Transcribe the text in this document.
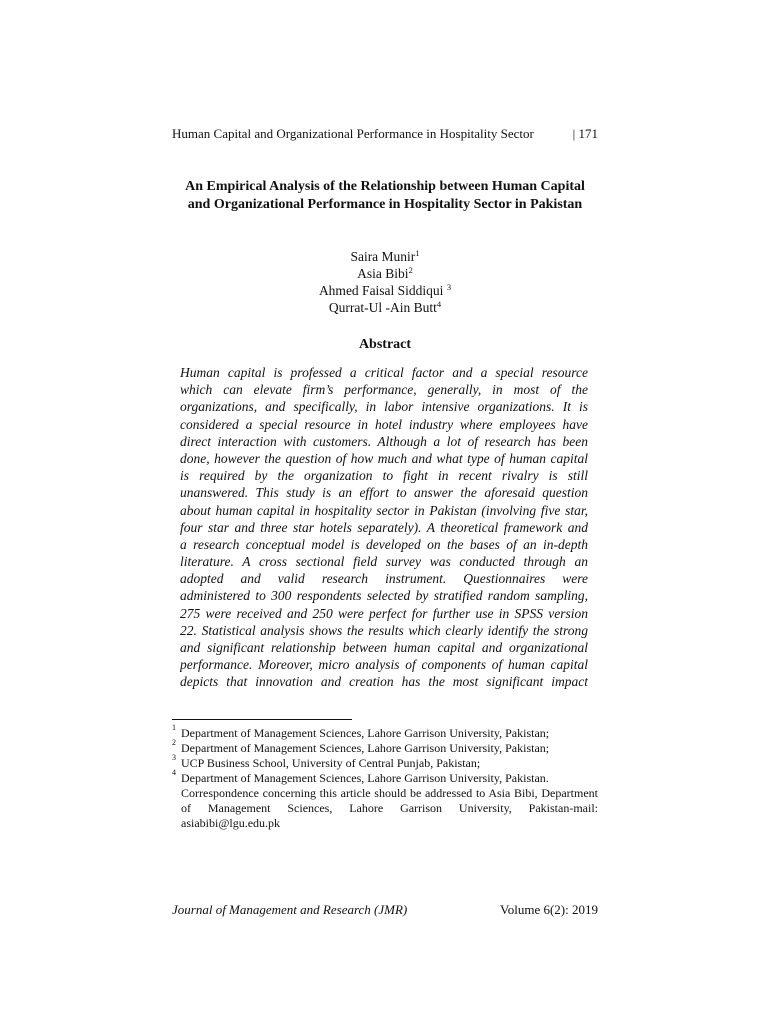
Human Capital and Organizational Performance in Hospitality Sector	| 171
An Empirical Analysis of the Relationship between Human Capital
and Organizational Performance in Hospitality Sector in Pakistan
Saira Munir$^1$
Asia Bibi$^2$
Ahmed Faisal Siddiqui $^3$
Qurrat-Ul -Ain Butt$^4$
Abstract
Human capital is professed a critical factor and a special resource
which can elevate firm’s performance, generally, in most of the
organizations, and specifically, in labor intensive organizations. It is
considered a special resource in hotel industry where employees have
direct interaction with customers. Although a lot of research has been
done, however the question of how much and what type of human capital
is required by the organization to fight in recent rivalry is still
unanswered. This study is an effort to answer the aforesaid question
about human capital in hospitality sector in Pakistan (involving five star,
four star and three star hotels separately). A theoretical framework and
a research conceptual model is developed on the bases of an in-depth
literature. A cross sectional field survey was conducted through an
adopted and valid research instrument. Questionnaires were
administered to 300 respondents selected by stratified random sampling,
275 were received and 250 were perfect for further use in SPSS version
22. Statistical analysis shows the results which clearly identify the strong
and significant relationship between human capital and organizational
performance. Moreover, micro analysis of components of human capital
depicts that innovation and creation has the most significant impact
1 Department of Management Sciences, Lahore Garrison University, Pakistan;
2 Department of Management Sciences, Lahore Garrison University, Pakistan;
3 UCP Business School, University of Central Punjab, Pakistan;
4 Department of Management Sciences, Lahore Garrison University, Pakistan.
Correspondence concerning this article should be addressed to Asia Bibi, Department of Management Sciences, Lahore Garrison University, Pakistan-mail: asiabibi@lgu.edu.pk
Journal of Management and Research (JMR)	Volume 6(2): 2019
